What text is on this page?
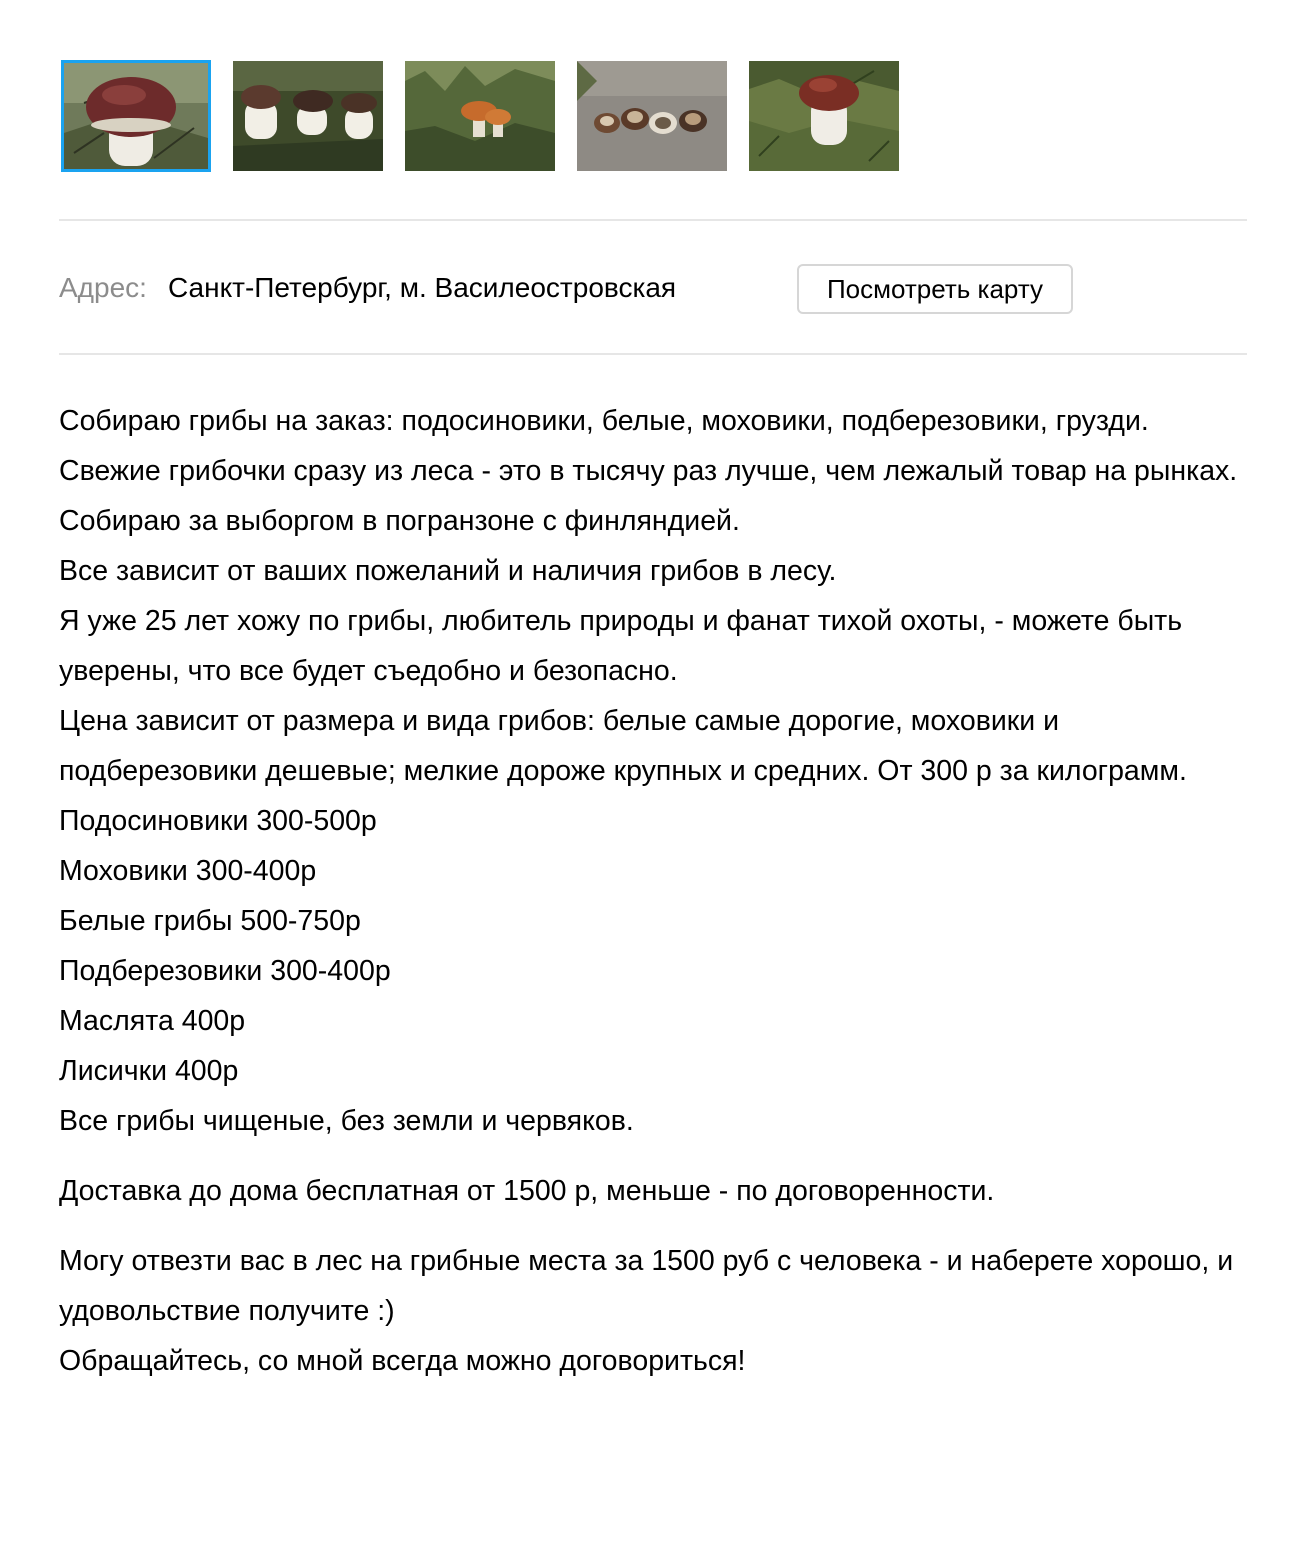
Адрес: Санкт-Петербург, м. Василеостровская	Посмотреть карту

Собираю грибы на заказ: подосиновики, белые, моховики, подберезовики, грузди. Свежие грибочки сразу из леса - это в тысячу раз лучше, чем лежалый товар на рынках.

Собираю за выборгом в погранзоне с финляндией.

Все зависит от ваших пожеланий и наличия грибов в лесу.

Я уже 25 лет хожу по грибы, любитель природы и фанат тихой охоты, - можете быть уверены, что все будет съедобно и безопасно.

Цена зависит от размера и вида грибов: белые самые дорогие, моховики и подберезовики дешевые; мелкие дороже крупных и средних. От 300 р за килограмм.

Подосиновики 300-500р

Моховики 300-400р

Белые грибы 500-750р

Подберезовики 300-400р

Маслята 400р

Лисички 400р

Все грибы чищеные, без земли и червяков.

Доставка до дома бесплатная от 1500 р, меньше - по договоренности.

Могу отвезти вас в лес на грибные места за 1500 руб с человека - и наберете хорошо, и удовольствие получите :)

Обращайтесь, со мной всегда можно договориться!
